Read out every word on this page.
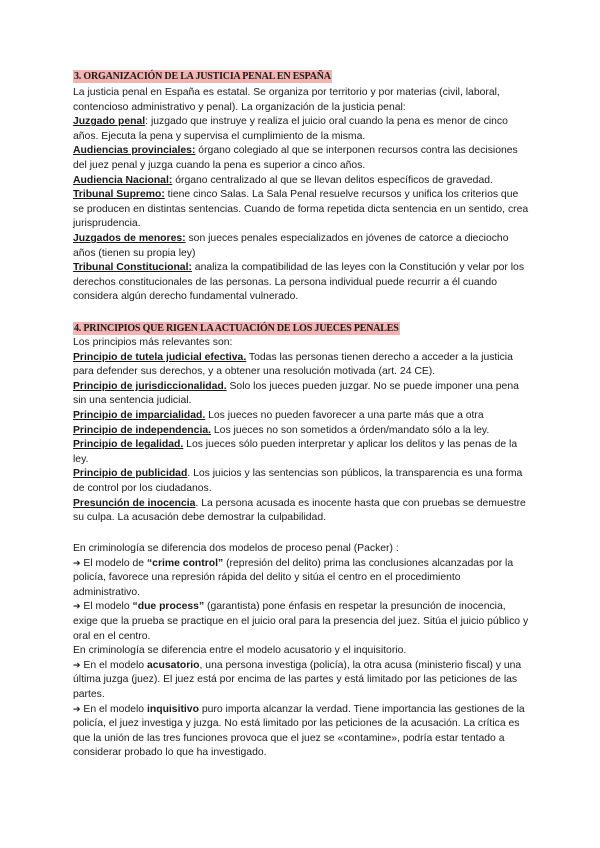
3. ORGANIZACIÓN DE LA JUSTICIA PENAL EN ESPAÑA

La justicia penal en España es estatal. Se organiza por territorio y por materias (civil, laboral, contencioso administrativo y penal). La organización de la justicia penal:

Juzgado penal: juzgado que instruye y realiza el juicio oral cuando la pena es menor de cinco años. Ejecuta la pena y supervisa el cumplimiento de la misma.

Audiencias provinciales: órgano colegiado al que se interponen recursos contra las decisiones del juez penal y juzga cuando la pena es superior a cinco años.

Audiencia Nacional: órgano centralizado al que se llevan delitos específicos de gravedad.

Tribunal Supremo: tiene cinco Salas. La Sala Penal resuelve recursos y unifica los criterios que se producen en distintas sentencias. Cuando de forma repetida dicta sentencia en un sentido, crea jurisprudencia.

Juzgados de menores: son jueces penales especializados en jóvenes de catorce a dieciocho años (tienen su propia ley)

Tribunal Constitucional: analiza la compatibilidad de las leyes con la Constitución y velar por los derechos constitucionales de las personas. La persona individual puede recurrir a él cuando considera algún derecho fundamental vulnerado.

4. PRINCIPIOS QUE RIGEN LA ACTUACIÓN DE LOS JUECES PENALES

Los principios más relevantes son:

Principio de tutela judicial efectiva. Todas las personas tienen derecho a acceder a la justicia para defender sus derechos, y a obtener una resolución motivada (art. 24 CE).

Principio de jurisdiccionalidad. Solo los jueces pueden juzgar. No se puede imponer una pena sin una sentencia judicial.

Principio de imparcialidad. Los jueces no pueden favorecer a una parte más que a otra

Principio de independencia. Los jueces no son sometidos a órden/mandato sólo a la ley.

Principio de legalidad. Los jueces sólo pueden interpretar y aplicar los delitos y las penas de la ley.

Principio de publicidad. Los juicios y las sentencias son públicos, la transparencia es una forma de control por los ciudadanos.

Presunción de inocencia. La persona acusada es inocente hasta que con pruebas se demuestre su culpa. La acusación debe demostrar la culpabilidad.

En criminología se diferencia dos modelos de proceso penal (Packer) :

➔ El modelo de “crime control” (represión del delito) prima las conclusiones alcanzadas por la policía, favorece una represión rápida del delito y sitúa el centro en el procedimiento administrativo.

➔ El modelo “due process” (garantista) pone énfasis en respetar la presunción de inocencia, exige que la prueba se practique en el juicio oral para la presencia del juez. Sitúa el juicio público y oral en el centro.

En criminología se diferencia entre el modelo acusatorio y el inquisitorio.

➔ En el modelo acusatorio, una persona investiga (policía), la otra acusa (ministerio fiscal) y una última juzga (juez). El juez está por encima de las partes y está limitado por las peticiones de las partes.

➔ En el modelo inquisitivo puro importa alcanzar la verdad. Tiene importancia las gestiones de la policía, el juez investiga y juzga. No está limitado por las peticiones de la acusación. La crítica es que la unión de las tres funciones provoca que el juez se «contamine», podría estar tentado a considerar probado lo que ha investigado.
